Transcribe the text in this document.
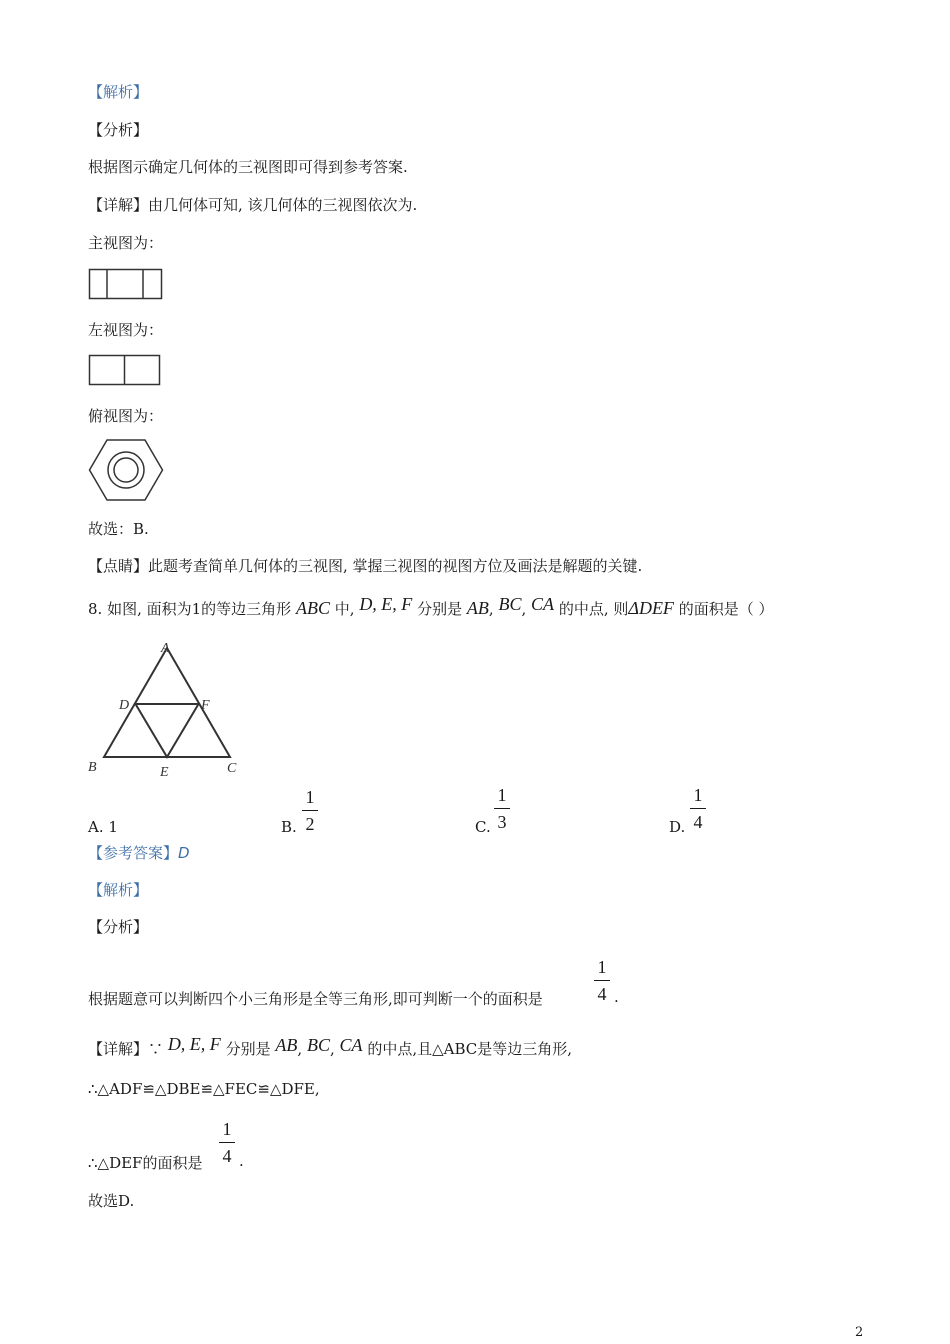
【解析】
【分析】
根据图示确定几何体的三视图即可得到参考答案.
【详解】由几何体可知, 该几何体的三视图依次为.
主视图为：
左视图为：
俯视图为：
故选：B.
【点睛】此题考查简单几何体的三视图, 掌握三视图的视图方位及画法是解题的关键.
8. 如图, 面积为1的等边三角形 ABC 中, D, E, F 分别是 AB, BC, CA 的中点, 则ΔDEF 的面积是（ ）
A
D	F
B	E	C
A. 1	B.
1
2	C.
1
3	D.
1
4
【参考答案】D
【解析】
【分析】
根据题意可以判断四个小三角形是全等三角形,即可判断一个的面积是
1
4 .
【详解】∵ D, E, F 分别是 AB, BC, CA 的中点,且△ABC是等边三角形,
∴△ADF≌△DBE≌△FEC≌△DFE,
∴△DEF的面积是
1
4 .
故选D.
2
